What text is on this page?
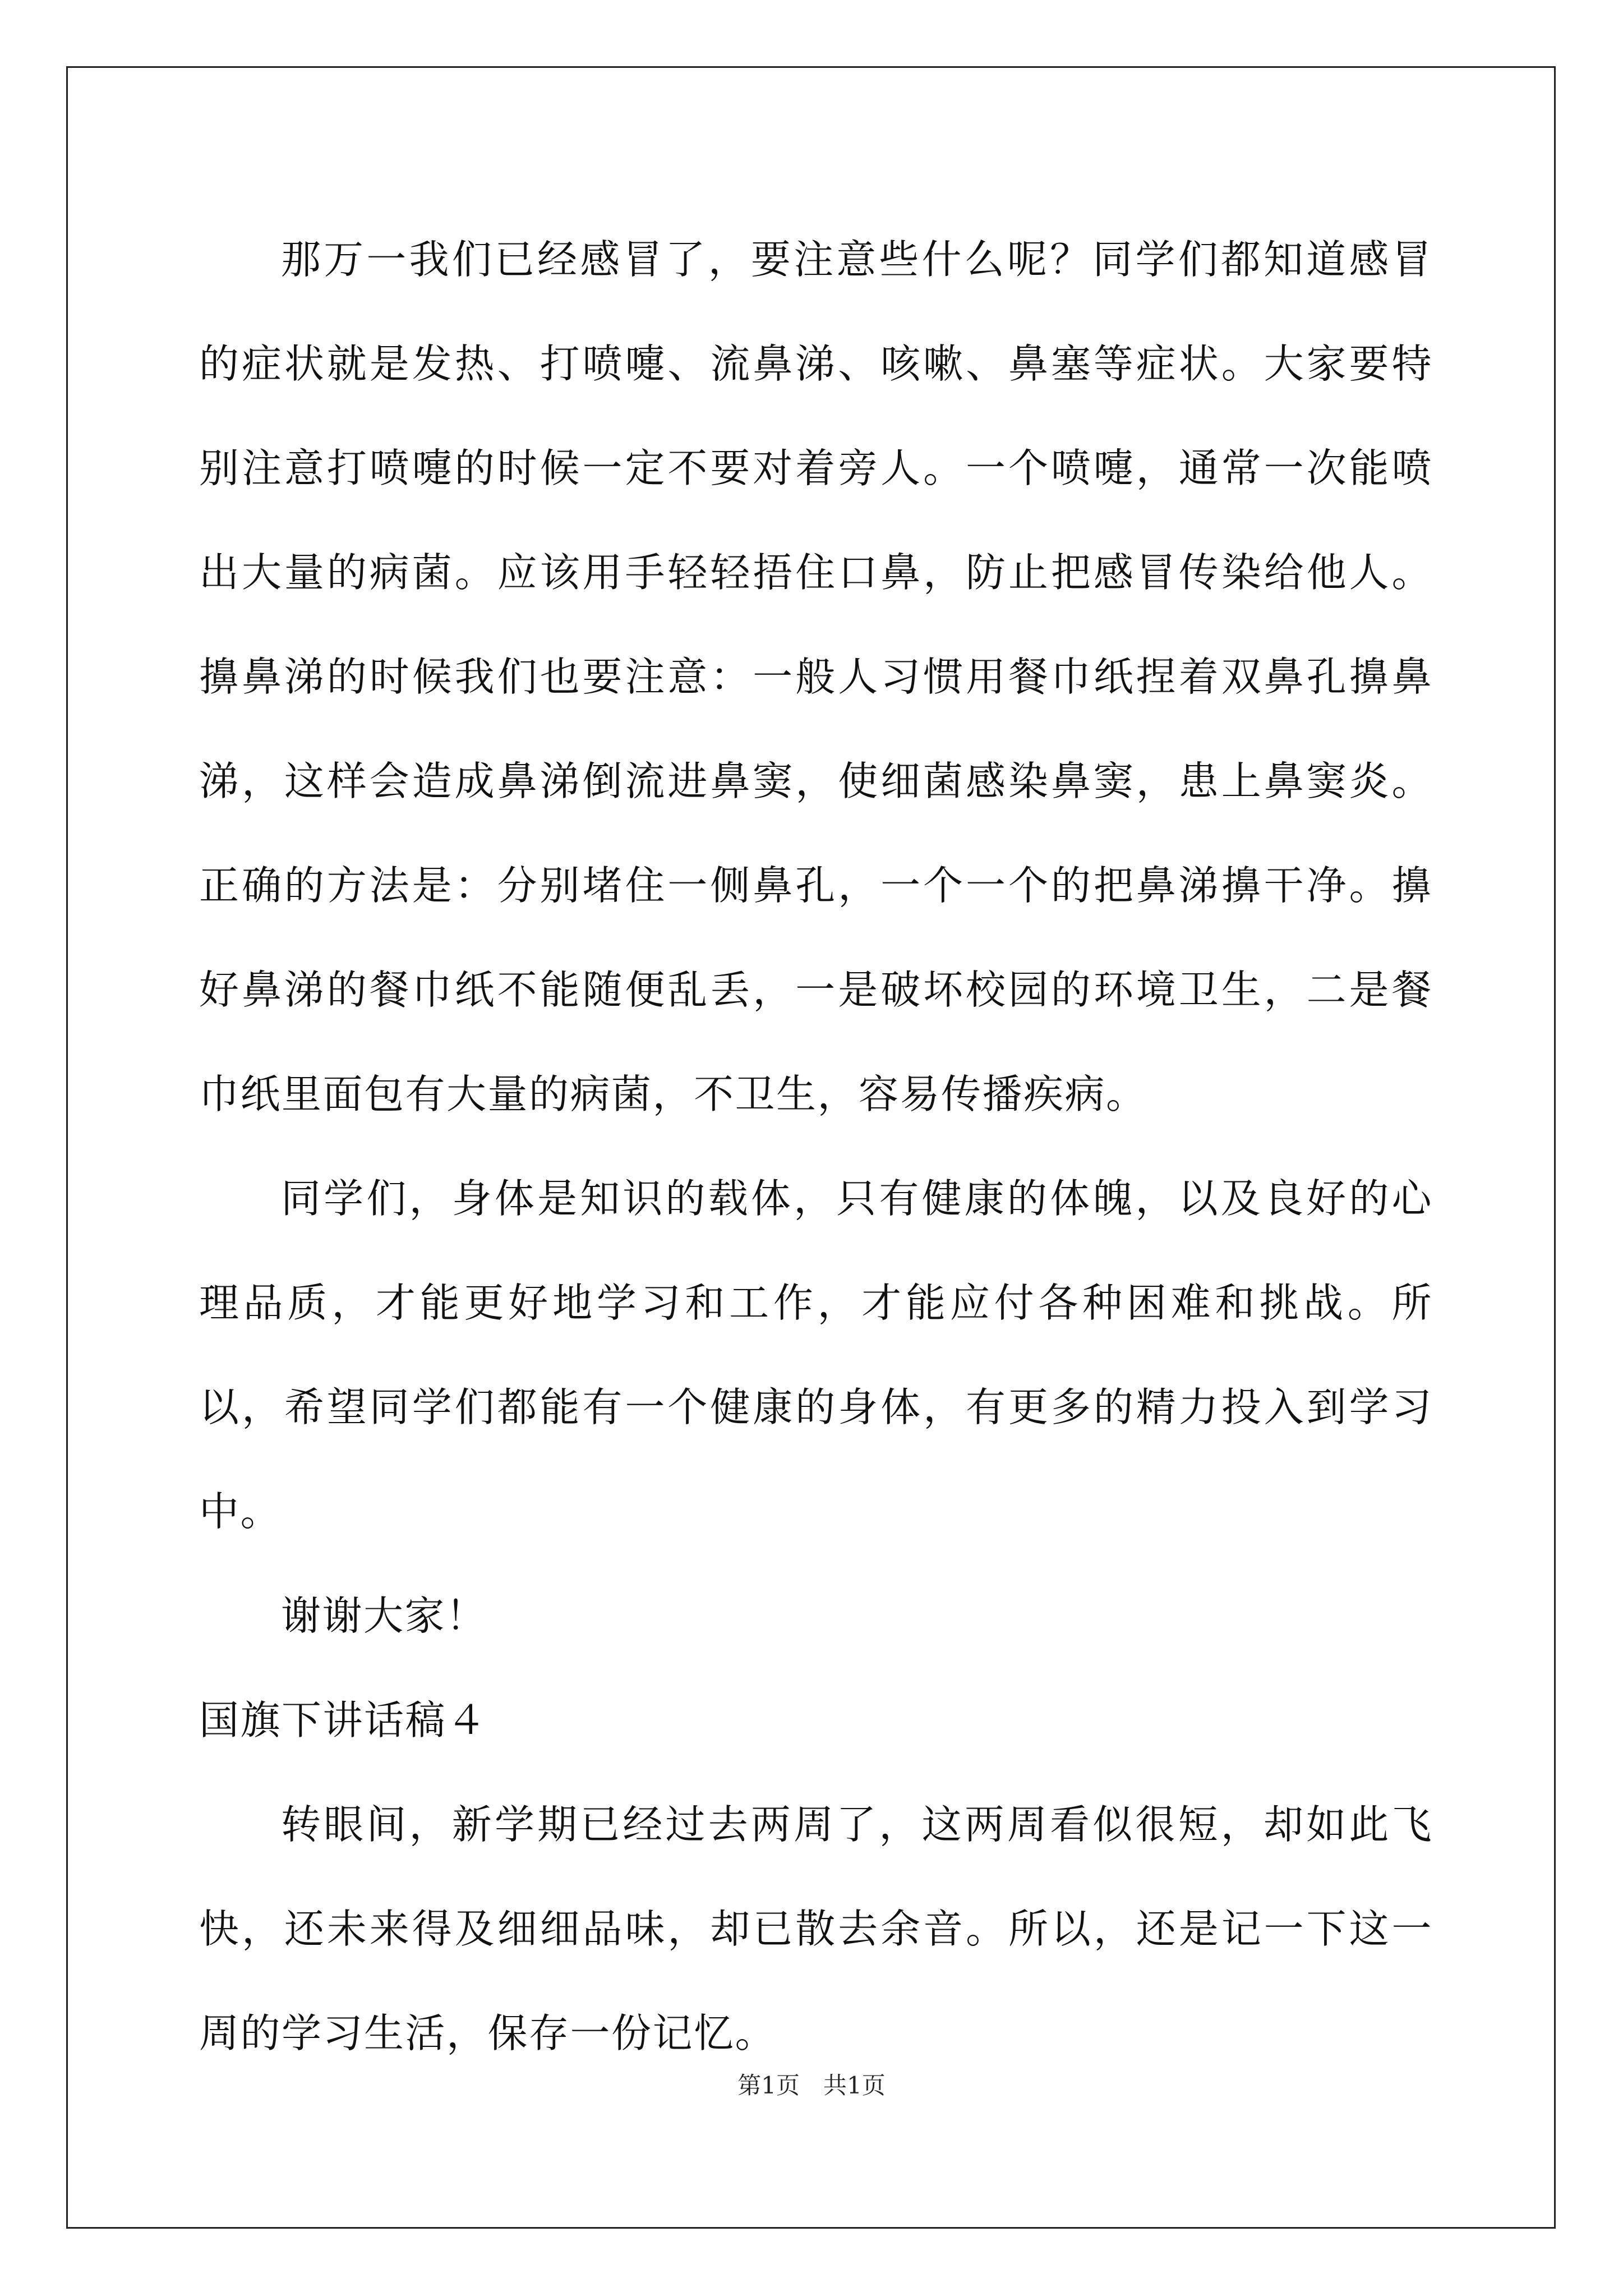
那万一我们已经感冒了，要注意些什么呢？同学们都知道感冒的症状就是发热、打喷嚏、流鼻涕、咳嗽、鼻塞等症状。大家要特别注意打喷嚏的时候一定不要对着旁人。一个喷嚏，通常一次能喷出大量的病菌。应该用手轻轻捂住口鼻，防止把感冒传染给他人。擤鼻涕的时候我们也要注意：一般人习惯用餐巾纸捏着双鼻孔擤鼻涕，这样会造成鼻涕倒流进鼻窦，使细菌感染鼻窦，患上鼻窦炎。正确的方法是：分别堵住一侧鼻孔，一个一个的把鼻涕擤干净。擤好鼻涕的餐巾纸不能随便乱丢，一是破坏校园的环境卫生，二是餐巾纸里面包有大量的病菌，不卫生，容易传播疾病。

同学们，身体是知识的载体，只有健康的体魄，以及良好的心理品质，才能更好地学习和工作，才能应付各种困难和挑战。所以，希望同学们都能有一个健康的身体，有更多的精力投入到学习中。

谢谢大家！

国旗下讲话稿４

转眼间，新学期已经过去两周了，这两周看似很短，却如此飞快，还未来得及细细品味，却已散去余音。所以，还是记一下这一周的学习生活，保存一份记忆。

第1页　共1页
